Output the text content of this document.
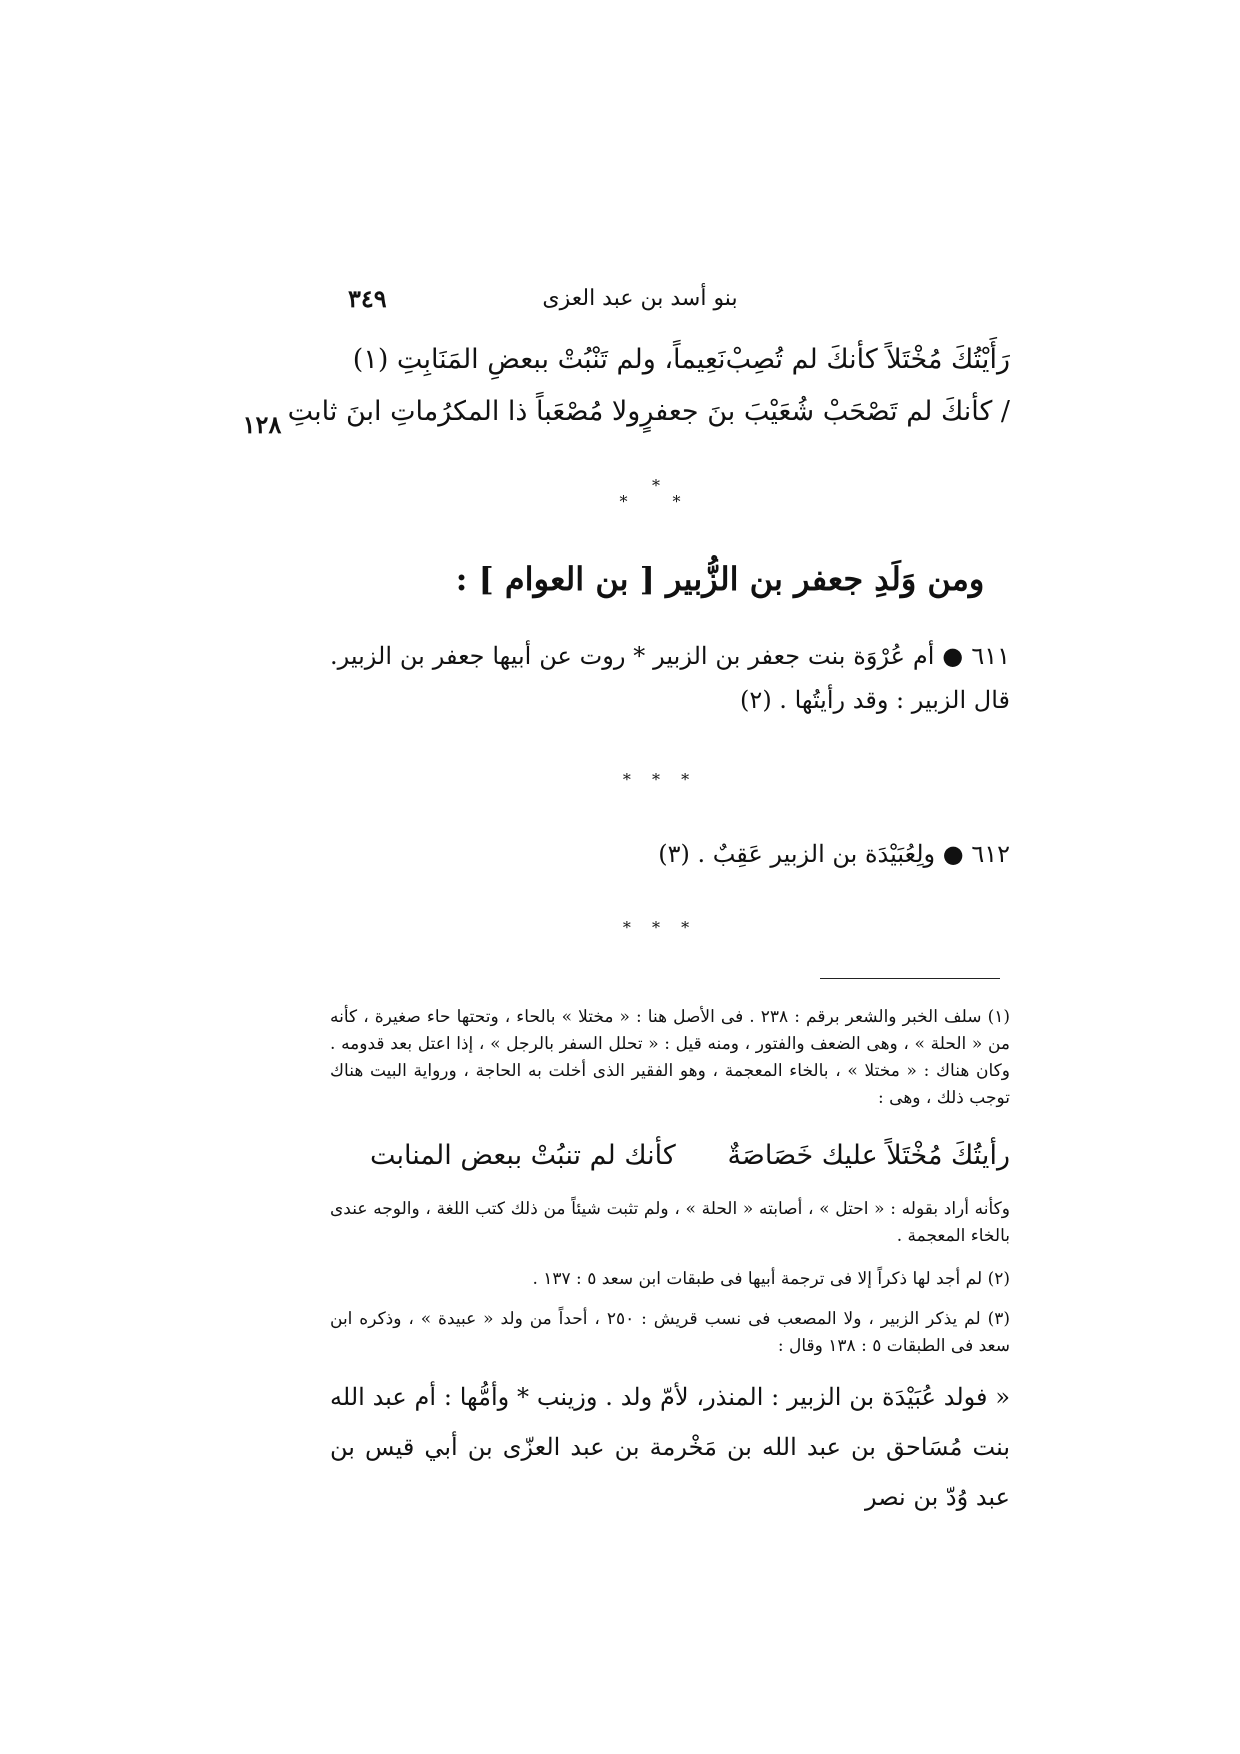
بنو أسد بن عبد العزى
٣٤٩
١٢٨
رَأَيْتُكَ مُخْتَلاً كأنكَ لم تُصِبْ
نَعِيماً، ولم تَنْبُتْ ببعضِ المَنَابِتِ (١)
/ كأنكَ لم تَصْحَبْ شُعَيْبَ بنَ جعفرٍ
ولا مُصْعَباً ذا المكرُماتِ ابنَ ثابتِ
*
* *
ومن وَلَدِ جعفر بن الزُّبير [ بن العوام ] :
٦١١ ● أم عُرْوَة بنت جعفر بن الزبير * روت عن أبيها جعفر بن الزبير. قال الزبير : وقد رأيتُها . (٢)
* * *
٦١٢ ● ولِعُبَيْدَة بن الزبير عَقِبٌ . (٣)
* * *
(١) سلف الخبر والشعر برقم : ٢٣٨ . فى الأصل هنا : « مختلا » بالحاء ، وتحتها حاء صغيرة ، كأنه من « الحلة » ، وهى الضعف والفتور ، ومنه قيل : « تحلل السفر بالرجل » ، إذا اعتل بعد قدومه . وكان هناك : « مختلا » ، بالخاء المعجمة ، وهو الفقير الذى أخلت به الحاجة ، ورواية البيت هناك توجب ذلك ، وهى :
رأيتُكَ مُخْتَلاً عليك خَصَاصَةٌ
كأنك لم تنبُتْ ببعض المنابت
وكأنه أراد بقوله : « احتل » ، أصابته « الحلة » ، ولم تثبت شيئاً من ذلك كتب اللغة ، والوجه عندى بالخاء المعجمة .
(٢) لم أجد لها ذكراً إلا فى ترجمة أبيها فى طبقات ابن سعد ٥ : ١٣٧ .
(٣) لم يذكر الزبير ، ولا المصعب فى نسب قريش : ٢٥٠ ، أحداً من ولد « عبيدة » ، وذكره ابن سعد فى الطبقات ٥ : ١٣٨ وقال :
« فولد عُبَيْدَة بن الزبير : المنذر، لأمّ ولد . وزينب * وأمُّها : أم عبد الله بنت مُسَاحق بن عبد الله بن مَخْرمة بن عبد العزّى بن أبي قيس بن عبد وُدّ بن نصر
